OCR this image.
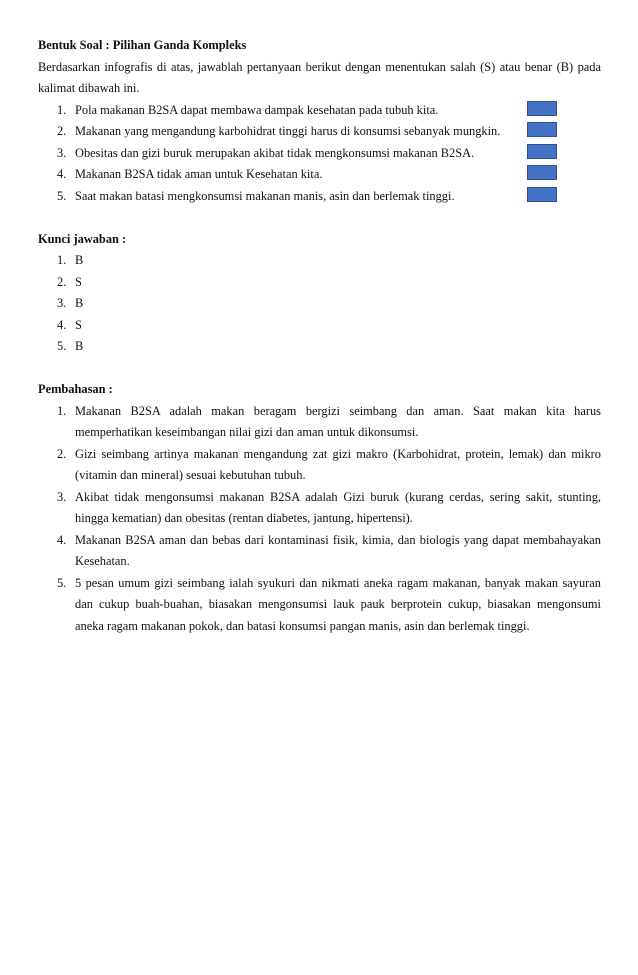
Bentuk Soal : Pilihan Ganda Kompleks

Berdasarkan infografis di atas, jawablah pertanyaan berikut dengan menentukan salah (S) atau benar (B) pada kalimat dibawah ini.

1. Pola makanan B2SA dapat membawa dampak kesehatan pada tubuh kita.
2. Makanan yang mengandung karbohidrat tinggi harus di konsumsi sebanyak mungkin.
3. Obesitas dan gizi buruk merupakan akibat tidak mengkonsumsi makanan B2SA.
4. Makanan B2SA tidak aman untuk Kesehatan kita.
5. Saat makan batasi mengkonsumsi makanan manis, asin dan berlemak tinggi.

Kunci jawaban :

1. B
2. S
3. B
4. S
5. B

Pembahasan :

1. Makanan B2SA adalah makan beragam bergizi seimbang dan aman. Saat makan kita harus memperhatikan keseimbangan nilai gizi dan aman untuk dikonsumsi.
2. Gizi seimbang artinya makanan mengandung zat gizi makro (Karbohidrat, protein, lemak) dan mikro (vitamin dan mineral) sesuai kebutuhan tubuh.
3. Akibat tidak mengonsumsi makanan B2SA adalah Gizi buruk (kurang cerdas, sering sakit, stunting, hingga kematian) dan obesitas (rentan diabetes, jantung, hipertensi).
4. Makanan B2SA aman dan bebas dari kontaminasi fisik, kimia, dan biologis yang dapat membahayakan Kesehatan.
5. 5 pesan umum gizi seimbang ialah syukuri dan nikmati aneka ragam makanan, banyak makan sayuran dan cukup buah-buahan, biasakan mengonsumsi lauk pauk berprotein cukup, biasakan mengonsumi aneka ragam makanan pokok, dan batasi konsumsi pangan manis, asin dan berlemak tinggi.
